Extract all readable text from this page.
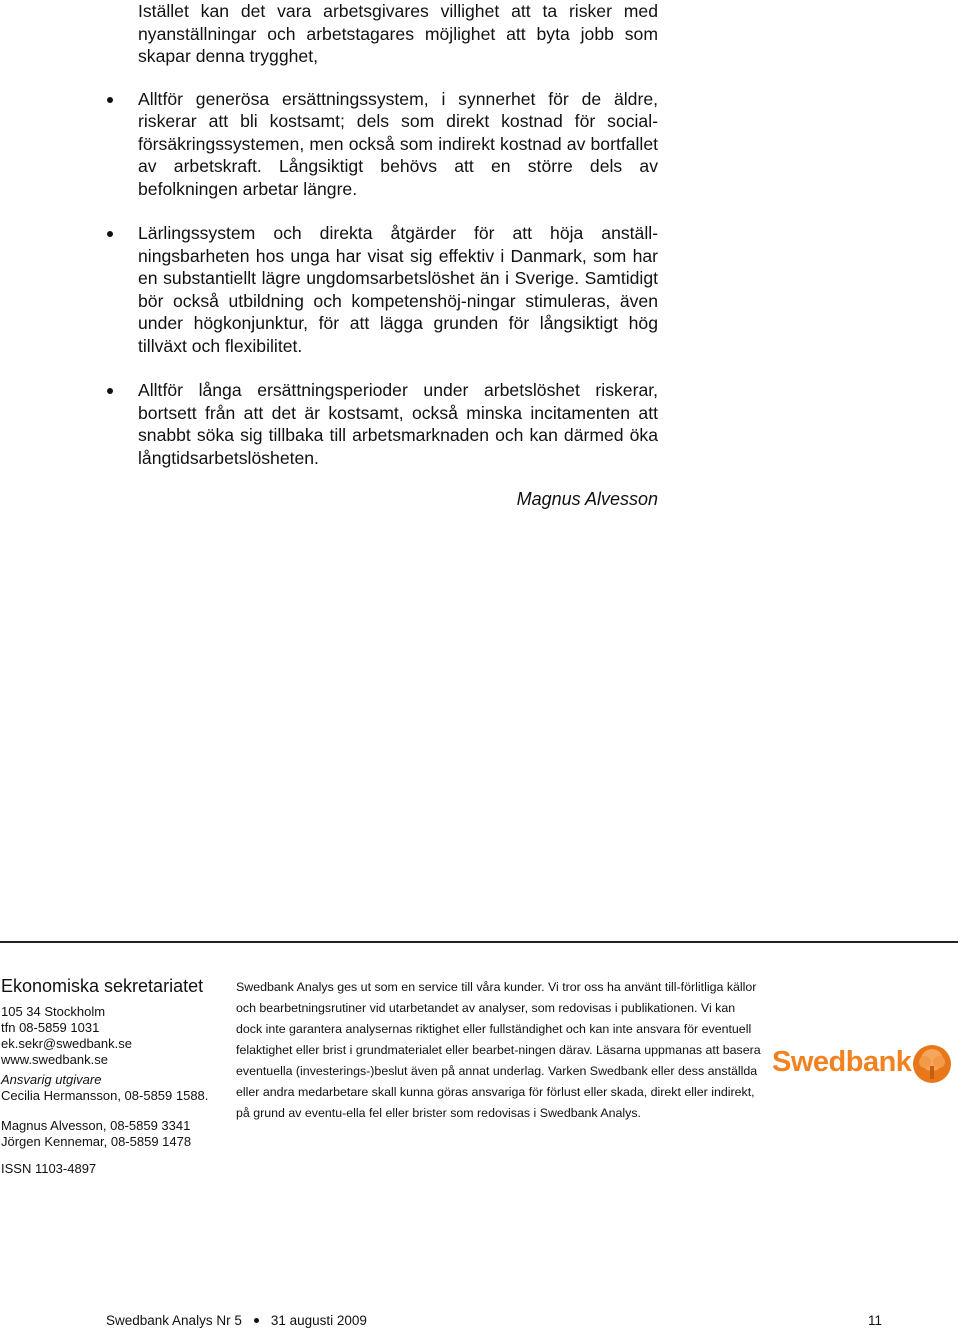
Istället kan det vara arbetsgivares villighet att ta risker med nyanställningar och arbetstagares möjlighet att byta jobb som skapar denna trygghet,
Alltför generösa ersättningssystem, i synnerhet för de äldre, riskerar att bli kostsamt; dels som direkt kostnad för social-försäkringssystemen, men också som indirekt kostnad av bortfallet av arbetskraft. Långsiktigt behövs att en större dels av befolkningen arbetar längre.
Lärlingssystem och direkta åtgärder för att höja anställ-ningsbarheten hos unga har visat sig effektiv i Danmark, som har en substantiellt lägre ungdomsarbetslöshet än i Sverige. Samtidigt bör också utbildning och kompetenshöj-ningar stimuleras, även under högkonjunktur, för att lägga grunden för långsiktigt hög tillväxt och flexibilitet.
Alltför långa ersättningsperioder under arbetslöshet riskerar, bortsett från att det är kostsamt, också minska incitamenten att snabbt söka sig tillbaka till arbetsmarknaden och kan därmed öka långtidsarbetslösheten.
Magnus Alvesson
Ekonomiska sekretariatet
105 34 Stockholm
tfn 08-5859 1031
ek.sekr@swedbank.se
www.swedbank.se
Ansvarig utgivare
Cecilia Hermansson, 08-5859 1588.
Magnus Alvesson, 08-5859 3341
Jörgen Kennemar, 08-5859 1478
ISSN 1103-4897
Swedbank Analys ges ut som en service till våra kunder. Vi tror oss ha använt till-förlitliga källor och bearbetningsrutiner vid utarbetandet av analyser, som redovisas i publikationen. Vi kan dock inte garantera analysernas riktighet eller fullständighet och kan inte ansvara för eventuell felaktighet eller brist i grundmaterialet eller bearbet-ningen därav. Läsarna uppmanas att basera eventuella (investerings-)beslut även på annat underlag. Varken Swedbank eller dess anställda eller andra medarbetare skall kunna göras ansvariga för förlust eller skada, direkt eller indirekt, på grund av eventu-ella fel eller brister som redovisas i Swedbank Analys.
Swedbank
Swedbank Analys Nr 5 31 augusti 2009	11
